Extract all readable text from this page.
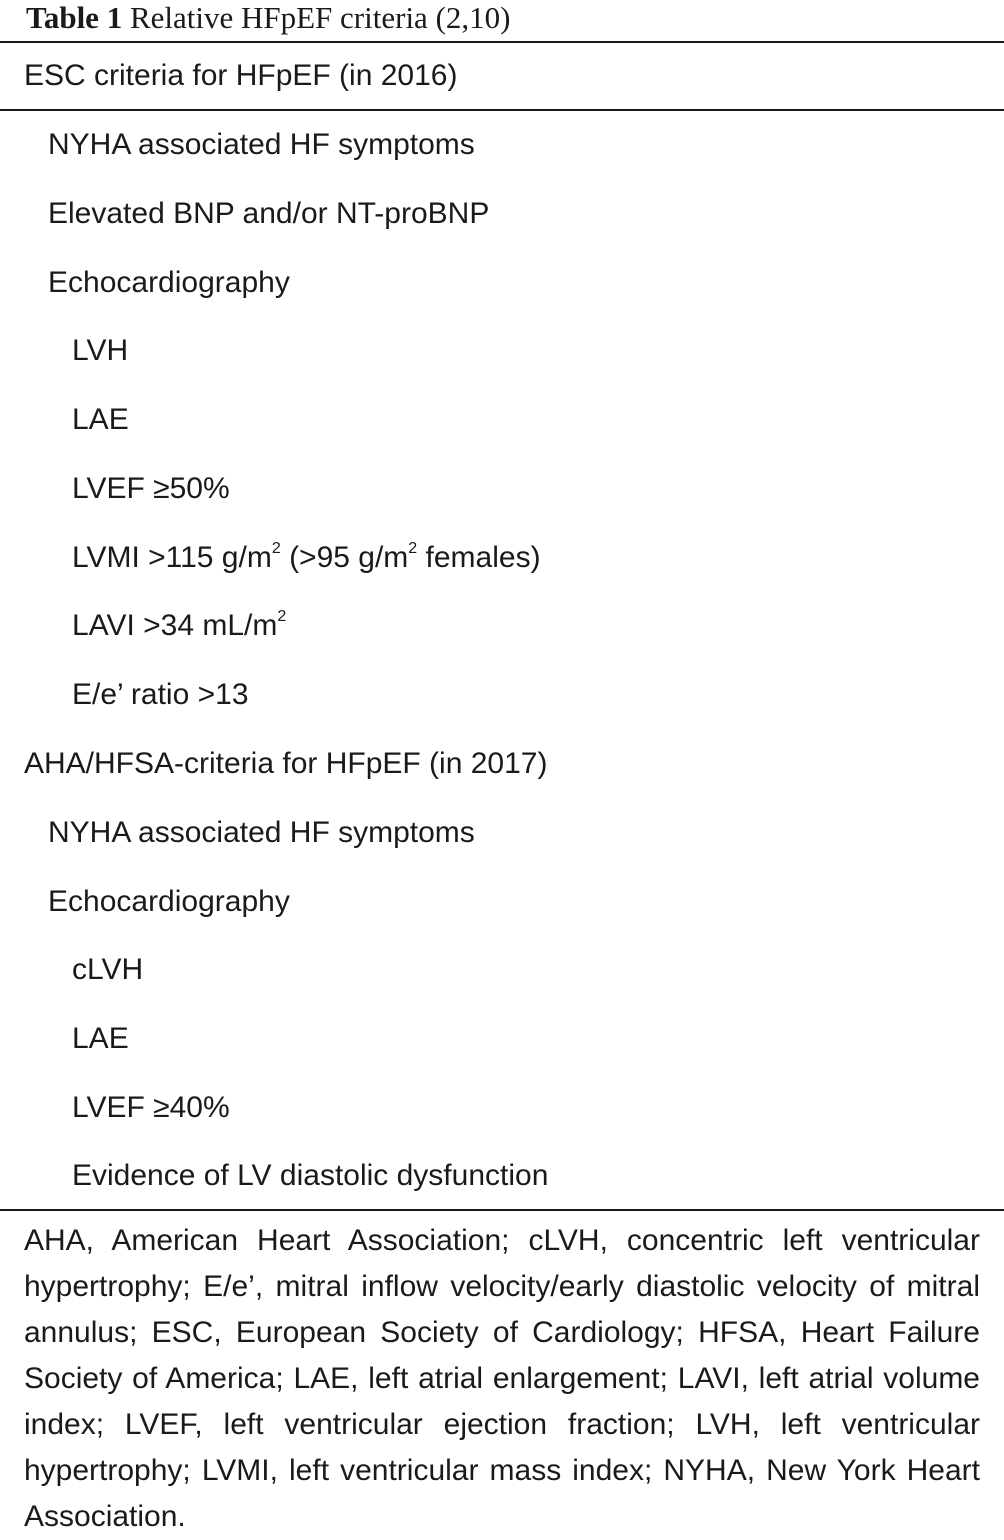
Table 1 Relative HFpEF criteria (2,10)
ESC criteria for HFpEF (in 2016)
NYHA associated HF symptoms
Elevated BNP and/or NT-proBNP
Echocardiography
LVH
LAE
LVEF ≥50%
LVMI >115 $g/m^2$ (>95 $g/m^2$ females)
LAVI >34 $mL/m^2$
E/e’ ratio >13
AHA/HFSA-criteria for HFpEF (in 2017)
NYHA associated HF symptoms
Echocardiography
cLVH
LAE
LVEF ≥40%
Evidence of LV diastolic dysfunction
AHA, American Heart Association; cLVH, concentric left ventricular hypertrophy; E/e’, mitral inflow velocity/early diastolic velocity of mitral annulus; ESC, European Society of Cardiology; HFSA, Heart Failure Society of America; LAE, left atrial enlargement; LAVI, left atrial volume index; LVEF, left ventricular ejection fraction; LVH, left ventricular hypertrophy; LVMI, left ventricular mass index; NYHA, New York Heart Association.
